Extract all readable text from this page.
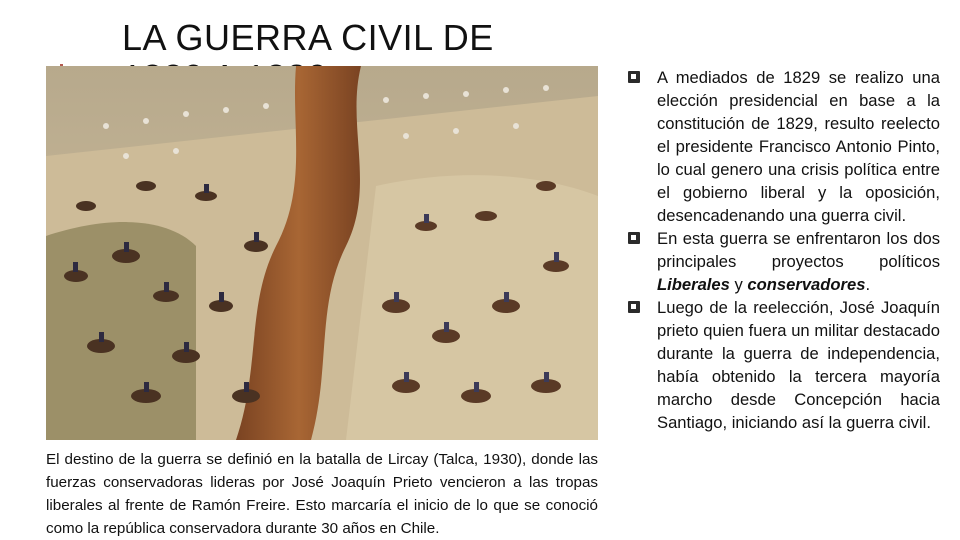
LA GUERRA CIVIL DE
El destino de la guerra se definió en la batalla de Lircay (Talca, 1930), donde las fuerzas conservadoras lideras por José Joaquín Prieto vencieron a las tropas liberales al frente de Ramón Freire. Esto marcaría el inicio de lo que se conoció como la república conservadora durante 30 años en Chile.
A mediados de 1829 se realizo una elección presidencial en base a la constitución de 1829, resulto reelecto el presidente Francisco Antonio Pinto, lo cual genero una crisis política entre el gobierno liberal y la oposición, desencadenando una guerra civil.
En esta guerra se enfrentaron los dos principales proyectos políticos Liberales y conservadores.
Luego de la reelección, José Joaquín prieto quien fuera un militar destacado durante la guerra de independencia, había obtenido la tercera mayoría marcho desde Concepción hacia Santiago, iniciando así la guerra civil.
